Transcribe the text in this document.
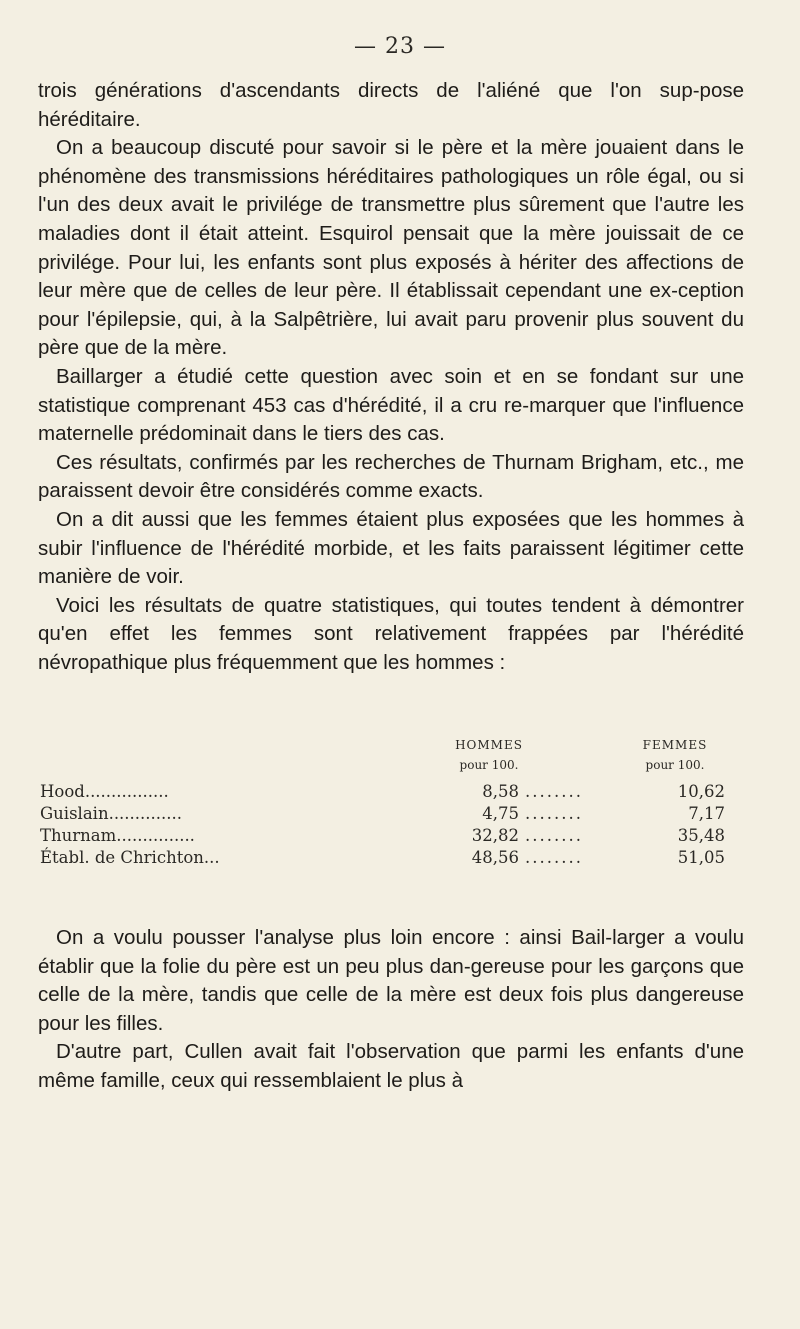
— 23 —

trois générations d'ascendants directs de l'aliéné que l'on sup-pose héréditaire.

On a beaucoup discuté pour savoir si le père et la mère jouaient dans le phénomène des transmissions héréditaires pathologiques un rôle égal, ou si l'un des deux avait le privilége de transmettre plus sûrement que l'autre les maladies dont il était atteint. Esquirol pensait que la mère jouissait de ce privilége. Pour lui, les enfants sont plus exposés à hériter des affections de leur mère que de celles de leur père. Il établissait cependant une ex-ception pour l'épilepsie, qui, à la Salpêtrière, lui avait paru provenir plus souvent du père que de la mère.

Baillarger a étudié cette question avec soin et en se fondant sur une statistique comprenant 453 cas d'hérédité, il a cru re-marquer que l'influence maternelle prédominait dans le tiers des cas.

Ces résultats, confirmés par les recherches de Thurnam Brigham, etc., me paraissent devoir être considérés comme exacts.

On a dit aussi que les femmes étaient plus exposées que les hommes à subir l'influence de l'hérédité morbide, et les faits paraissent légitimer cette manière de voir.

Voici les résultats de quatre statistiques, qui toutes tendent à démontrer qu'en effet les femmes sont relativement frappées par l'hérédité névropathique plus fréquemment que les hommes :

HOMMES
pour 100.
FEMMES
pour 100.
Hood................	8,58 ........	10,62
Guislain..............	4,75 ........	7,17
Thurnam...............	32,82 ........	35,48
Établ. de Chrichton...	48,56 ........	51,05

On a voulu pousser l'analyse plus loin encore : ainsi Bail-larger a voulu établir que la folie du père est un peu plus dan-gereuse pour les garçons que celle de la mère, tandis que celle de la mère est deux fois plus dangereuse pour les filles.

D'autre part, Cullen avait fait l'observation que parmi les enfants d'une même famille, ceux qui ressemblaient le plus à
